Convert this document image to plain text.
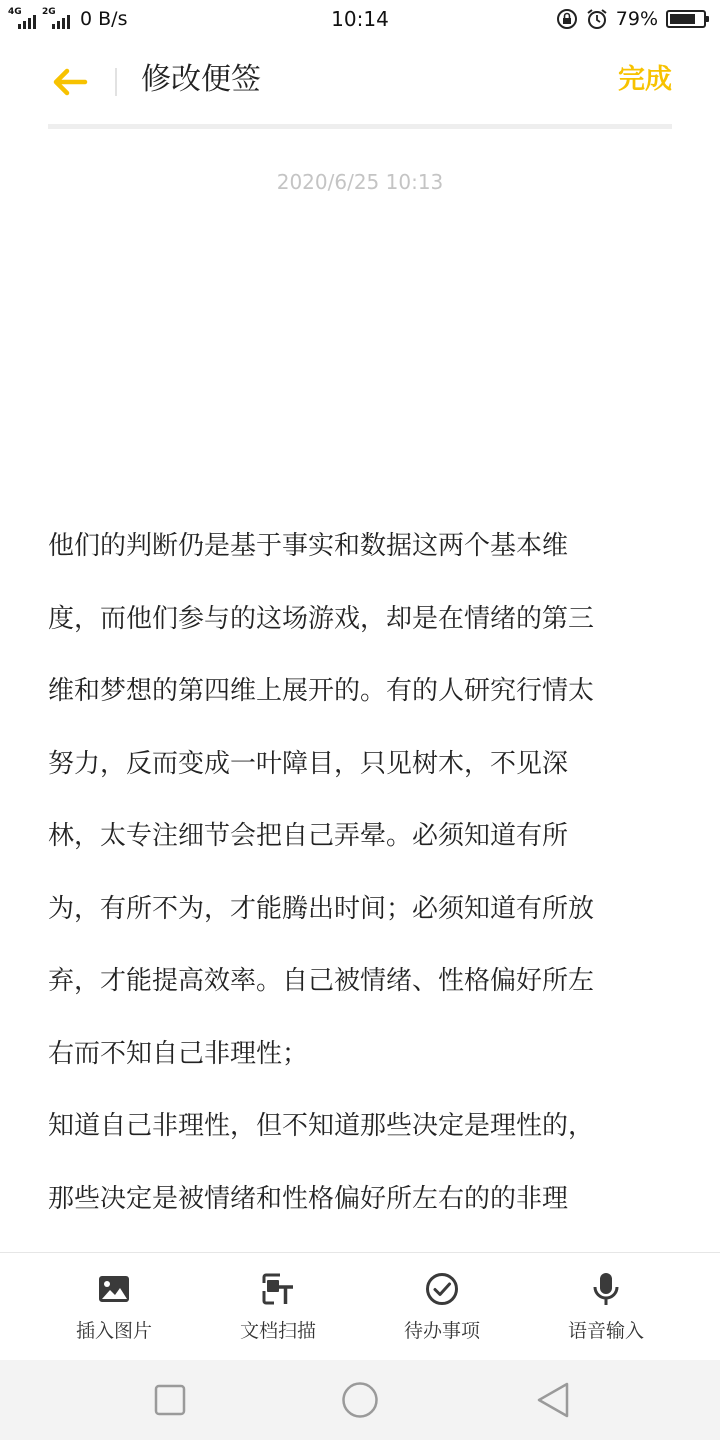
4G 2G 0 B/s	10:14	79%
修改便签	完成
2020/6/25 10:13
他们的判断仍是基于事实和数据这两个基本维
度，而他们参与的这场游戏，却是在情绪的第三
维和梦想的第四维上展开的。有的人研究行情太
努力，反而变成一叶障目，只见树木，不见深
林，太专注细节会把自己弄晕。必须知道有所
为，有所不为，才能腾出时间；必须知道有所放
弃，才能提高效率。自己被情绪、性格偏好所左
右而不知自己非理性；
知道自己非理性，但不知道那些决定是理性的，
那些决定是被情绪和性格偏好所左右的的非理
插入图片	文档扫描	待办事项	语音输入
